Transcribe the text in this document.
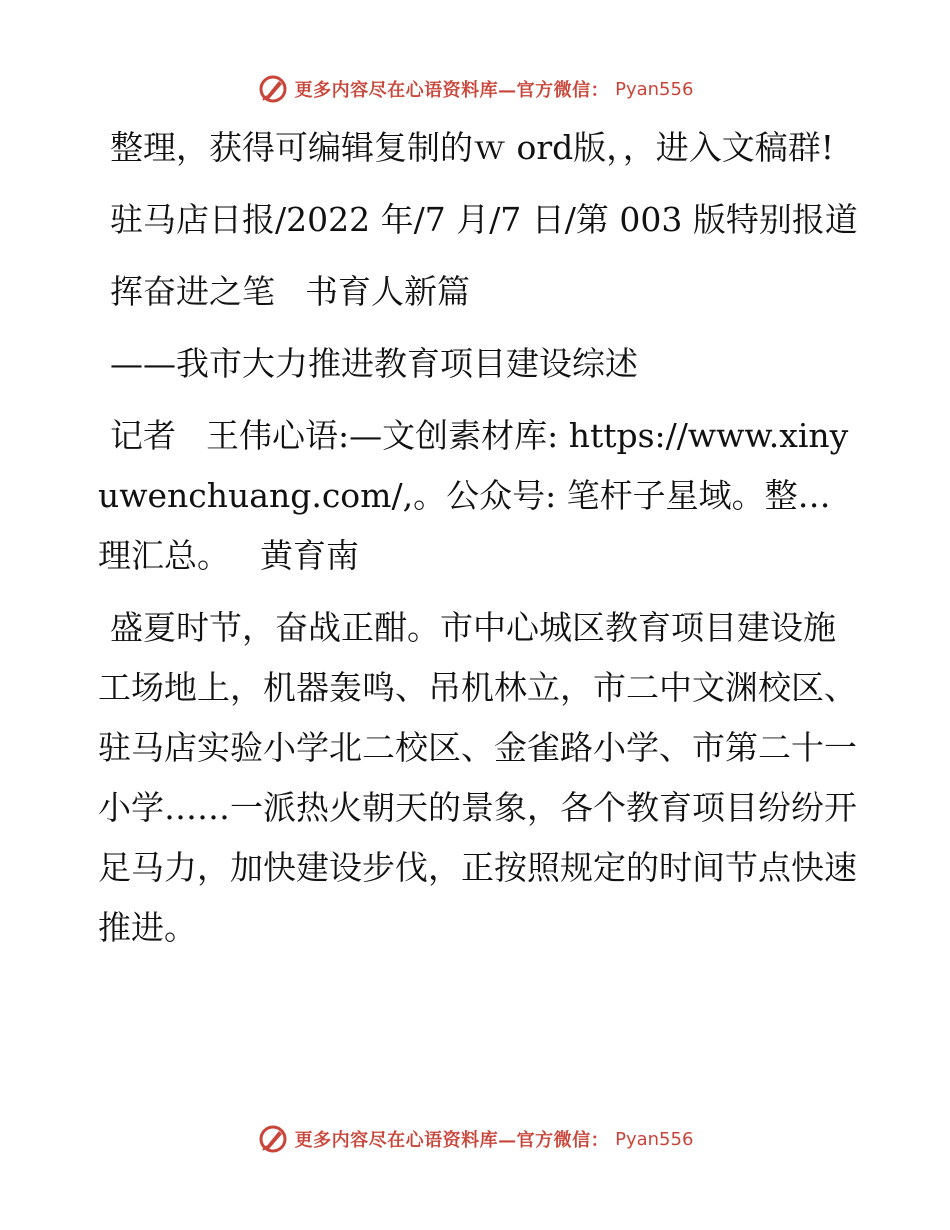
更多内容尽在心语资料库—官方微信： Pyan556

整理，获得可编辑复制的ｗ ord版，，进入文稿群!

驻马店日报/2022 年/7 月/7 日/第 003 版特别报道

挥奋进之笔 书育人新篇

——我市大力推进教育项目建设综述

记者 王伟心语:—文创素材库: https://www.xinyuwenchuang.com/,。公众号: 笔杆子星域。整…理汇总。 黄育南

盛夏时节，奋战正酣。市中心城区教育项目建设施工场地上，机器轰鸣、吊机林立，市二中文渊校区、驻马店实验小学北二校区、金雀路小学、市第二十一小学……一派热火朝天的景象，各个教育项目纷纷开足马力，加快建设步伐，正按照规定的时间节点快速推进。

更多内容尽在心语资料库—官方微信： Pyan556
